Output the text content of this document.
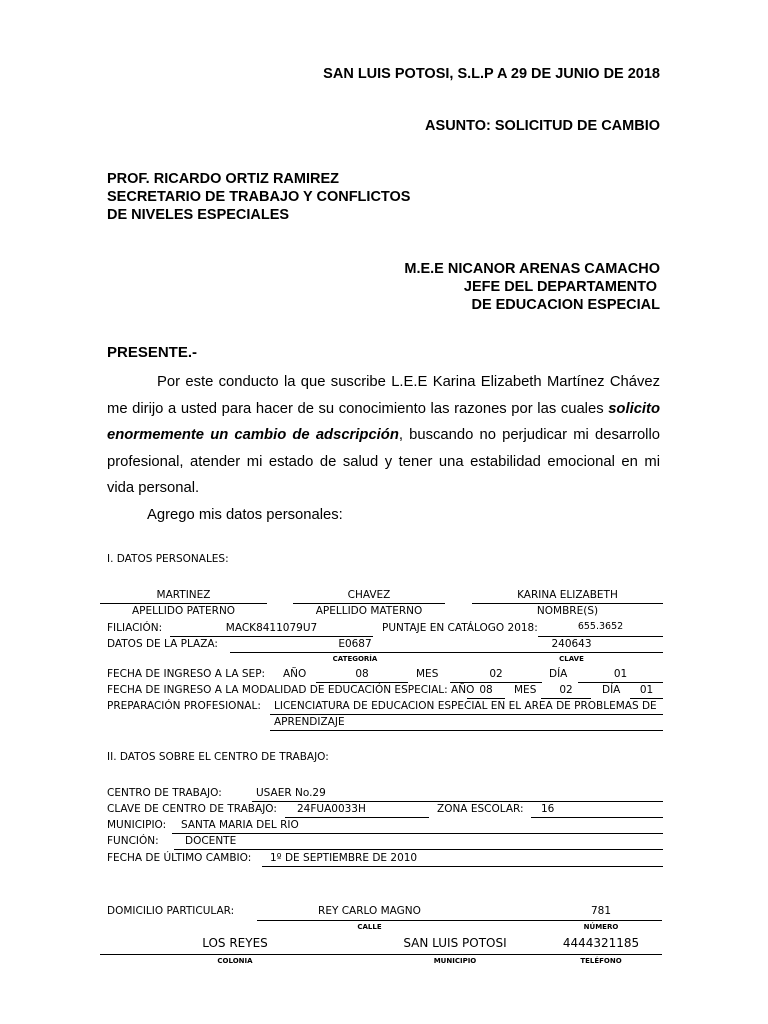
SAN LUIS POTOSI, S.L.P A 29 DE JUNIO DE 2018
ASUNTO: SOLICITUD DE CAMBIO
PROF. RICARDO ORTIZ RAMIREZ
SECRETARIO DE TRABAJO Y CONFLICTOS
DE NIVELES ESPECIALES
M.E.E NICANOR ARENAS CAMACHO
JEFE DEL DEPARTAMENTO
DE EDUCACION ESPECIAL
PRESENTE.-
Por este conducto la que suscribe L.E.E Karina Elizabeth Martínez Chávez me dirijo a usted para hacer de su conocimiento las razones por las cuales solicito enormemente un cambio de adscripción, buscando no perjudicar mi desarrollo profesional, atender mi estado de salud y tener una estabilidad emocional en mi vida personal.
Agrego mis datos personales:
I. DATOS PERSONALES:
MARTINEZ	CHAVEZ	KARINA ELIZABETH
APELLIDO PATERNO	APELLIDO MATERNO	NOMBRE(S)
FILIACIÓN:	MACK8411079U7	PUNTAJE EN CATÁLOGO 2018:	655.3652
DATOS DE LA PLAZA:	E0687	240643
CATEGORÍA	CLAVE
FECHA DE INGRESO A LA SEP: AÑO	08	MES	02	DÍA	01
FECHA DE INGRESO A LA MODALIDAD DE EDUCACIÓN ESPECIAL: AÑO 08	MES	02	DÍA	01
PREPARACIÓN PROFESIONAL: LICENCIATURA DE EDUCACION ESPECIAL EN EL AREA DE PROBLEMAS DE
APRENDIZAJE
II. DATOS SOBRE EL CENTRO DE TRABAJO:
CENTRO DE TRABAJO:	USAER No.29
CLAVE DE CENTRO DE TRABAJO: 24FUA0033H	ZONA ESCOLAR: 16
MUNICIPIO: SANTA MARIA DEL RIO
FUNCIÓN:	DOCENTE
FECHA DE ÚLTIMO CAMBIO: 1º DE SEPTIEMBRE DE 2010
DOMICILIO PARTICULAR:	REY CARLO MAGNO	781
CALLE	NÚMERO
LOS REYES	SAN LUIS POTOSI	4444321185
COLONIA	MUNICIPIO	TELÉFONO
